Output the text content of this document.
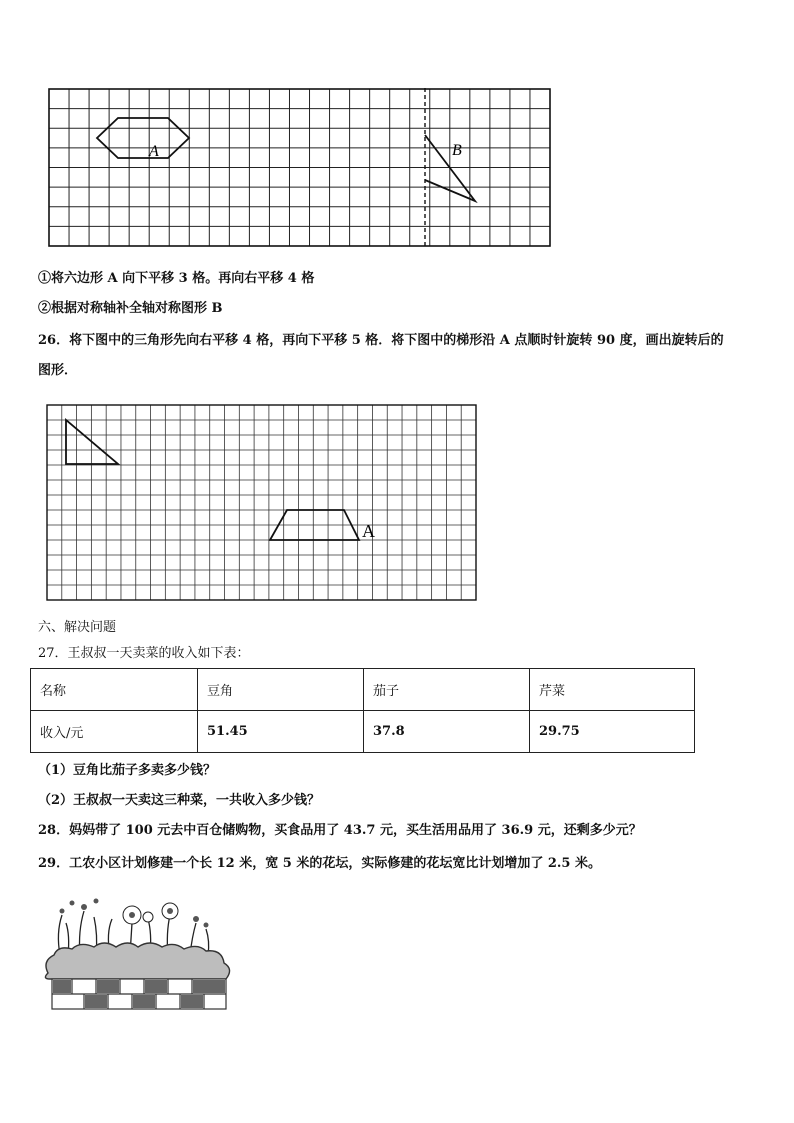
A	B
①将六边形 A 向下平移 3 格。再向右平移 4 格
②根据对称轴补全轴对称图形 B
26．将下图中的三角形先向右平移 4 格，再向下平移 5 格．将下图中的梯形沿 A 点顺时针旋转 90 度，画出旋转后的
图形．
A
六、解决问题
27．王叔叔一天卖菜的收入如下表：
名称	豆角	茄子	芹菜
收入/元	51.45	37.8	29.75
（1）豆角比茄子多卖多少钱？
（2）王叔叔一天卖这三种菜，一共收入多少钱？
28．妈妈带了 100 元去中百仓储购物，买食品用了 43.7 元，买生活用品用了 36.9 元，还剩多少元？
29．工农小区计划修建一个长 12 米，宽 5 米的花坛，实际修建的花坛宽比计划增加了 2.5 米。
